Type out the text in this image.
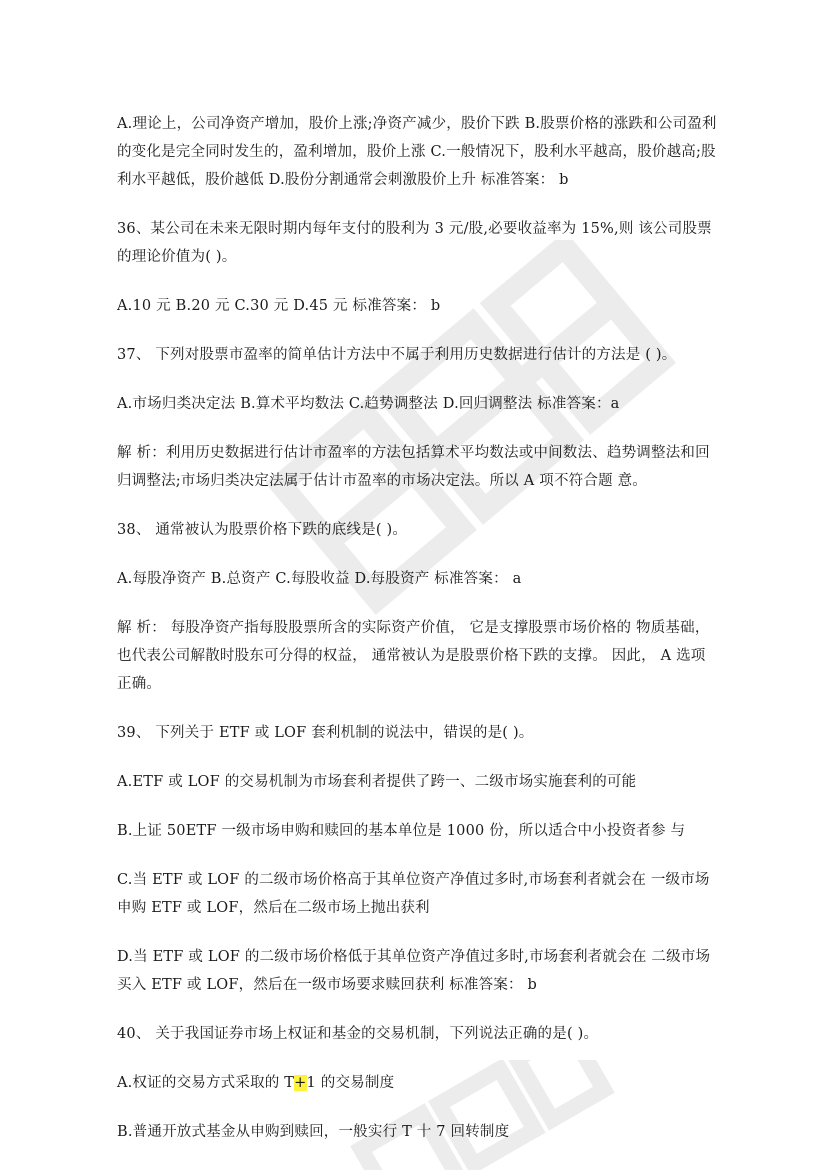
A.理论上，公司净资产增加，股价上涨;净资产减少，股价下跌 B.股票价格的涨跌和公司盈利的变化是完全同时发生的，盈利增加，股价上涨 C.一般情况下，股利水平越高，股价越高;股利水平越低，股价越低 D.股份分割通常会刺激股价上升 标准答案： b

36、某公司在未来无限时期内每年支付的股利为 3 元/股,必要收益率为 15%,则 该公司股票的理论价值为( )。

A.10 元 B.20 元 C.30 元 D.45 元 标准答案： b

37、 下列对股票市盈率的简单估计方法中不属于利用历史数据进行估计的方法是 ( )。

A.市场归类决定法 B.算术平均数法 C.趋势调整法 D.回归调整法 标准答案：a

解 析：利用历史数据进行估计市盈率的方法包括算术平均数法或中间数法、趋势调整法和回归调整法;市场归类决定法属于估计市盈率的市场决定法。所以 A 项不符合题 意。

38、 通常被认为股票价格下跌的底线是( )。

A.每股净资产 B.总资产 C.每股收益 D.每股资产 标准答案： a

解 析： 每股净资产指每股股票所含的实际资产价值， 它是支撑股票市场价格的 物质基础， 也代表公司解散时股东可分得的权益， 通常被认为是股票价格下跌的支撑。 因此， A 选项正确。

39、 下列关于 ETF 或 LOF 套利机制的说法中，错误的是( )。

A.ETF 或 LOF 的交易机制为市场套利者提供了跨一、二级市场实施套利的可能

B.上证 50ETF 一级市场申购和赎回的基本单位是 1000 份，所以适合中小投资者参 与

C.当 ETF 或 LOF 的二级市场价格高于其单位资产净值过多时,市场套利者就会在 一级市场申购 ETF 或 LOF，然后在二级市场上抛出获利

D.当 ETF 或 LOF 的二级市场价格低于其单位资产净值过多时,市场套利者就会在 二级市场买入 ETF 或 LOF，然后在一级市场要求赎回获利 标准答案： b

40、 关于我国证券市场上权证和基金的交易机制，下列说法正确的是( )。

A.权证的交易方式采取的 T+1 的交易制度

B.普通开放式基金从申购到赎回，一般实行 T 十 7 回转制度
